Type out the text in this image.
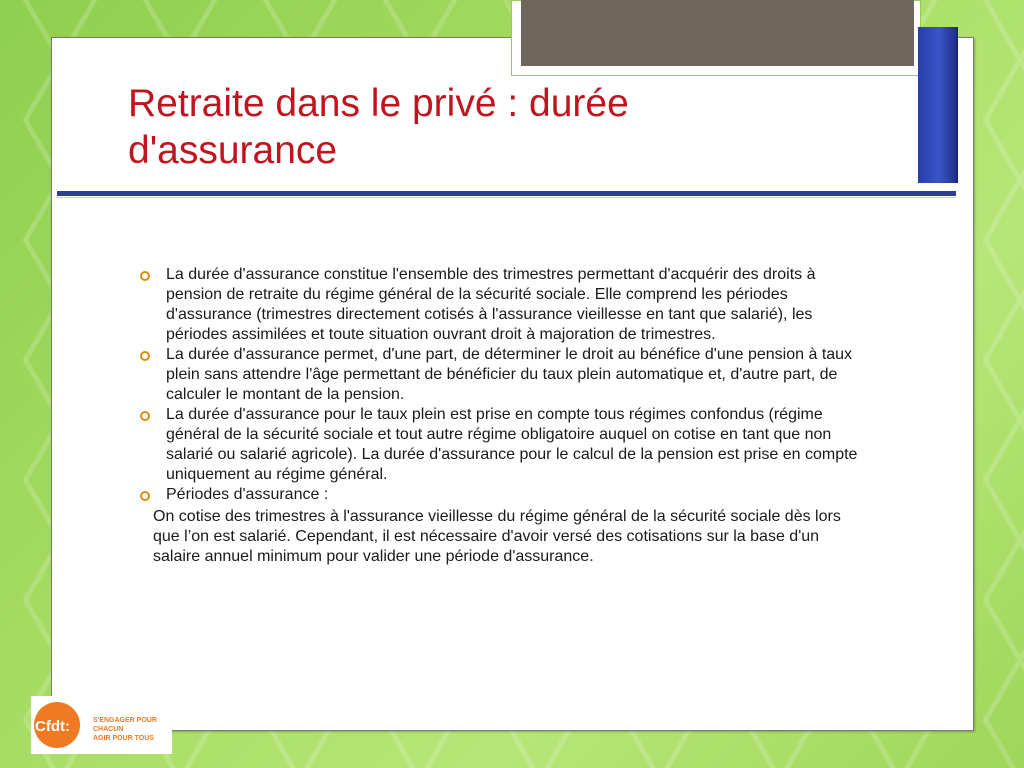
Retraite dans le privé : durée d'assurance
La durée d'assurance constitue l'ensemble des trimestres permettant d'acquérir des droits à pension de retraite du régime général de la sécurité sociale. Elle comprend les périodes d'assurance (trimestres directement cotisés à l'assurance vieillesse en tant que salarié), les périodes assimilées et toute situation ouvrant droit à majoration de trimestres.
La durée d'assurance permet, d'une part, de déterminer le droit au bénéfice d'une pension à taux plein sans attendre l'âge permettant de bénéficier du taux plein automatique et, d'autre part, de calculer le montant de la pension.
La durée d'assurance pour le taux plein est prise en compte tous régimes confondus (régime général de la sécurité sociale et tout autre régime obligatoire auquel on cotise en tant que non salarié ou salarié agricole). La durée d'assurance pour le calcul de la pension est prise en compte uniquement au régime général.
Périodes d'assurance :
On cotise des trimestres à l'assurance vieillesse du régime général de la sécurité sociale dès lors que l’on est salarié. Cependant, il est nécessaire d'avoir versé des cotisations sur la base d'un salaire annuel minimum pour valider une période d'assurance.
Cfdt:	S'ENGAGER POUR CHACUN
AGIR POUR TOUS
